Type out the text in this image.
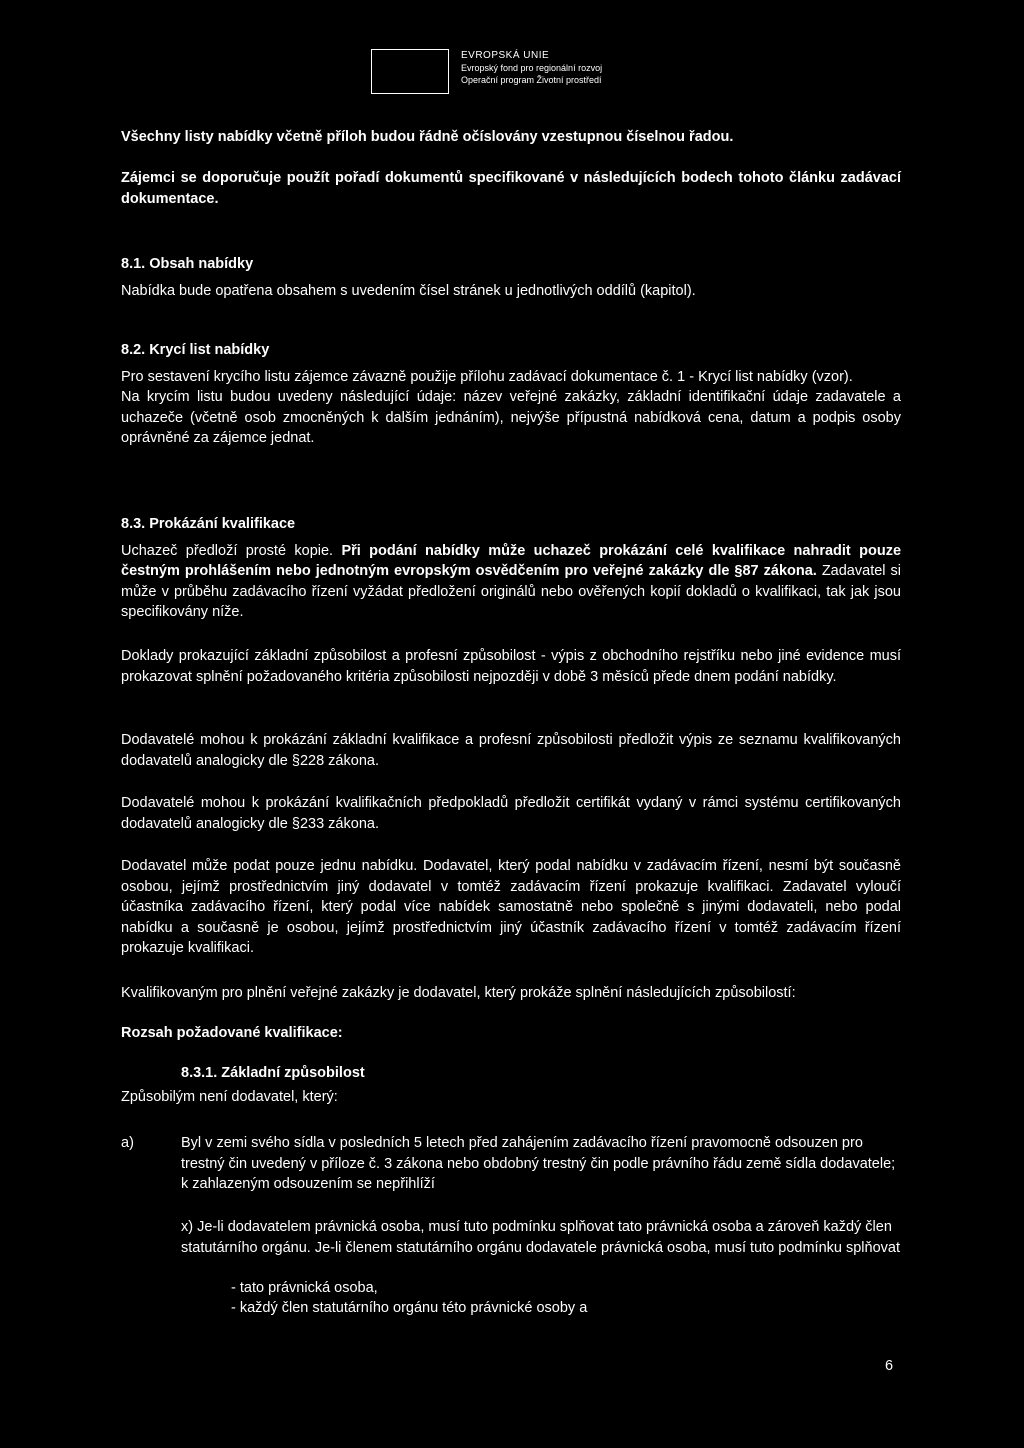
EVROPSKÁ UNIE
Evropský fond pro regionální rozvoj
Operační program Životní prostředí

Všechny listy nabídky včetně příloh budou řádně očíslovány vzestupnou číselnou řadou.

Zájemci se doporučuje použít pořadí dokumentů specifikované v následujících bodech tohoto článku zadávací dokumentace.

8.1. Obsah nabídky

Nabídka bude opatřena obsahem s uvedením čísel stránek u jednotlivých oddílů (kapitol).

8.2. Krycí list nabídky

Pro sestavení krycího listu zájemce závazně použije přílohu zadávací dokumentace č. 1 - Krycí list nabídky (vzor).

Na krycím listu budou uvedeny následující údaje: název veřejné zakázky, základní identifikační údaje zadavatele a uchazeče (včetně osob zmocněných k dalším jednáním), nejvýše přípustná nabídková cena, datum a podpis osoby oprávněné za zájemce jednat.

8.3. Prokázání kvalifikace

Uchazeč předloží prosté kopie. Při podání nabídky může uchazeč prokázání celé kvalifikace nahradit pouze čestným prohlášením nebo jednotným evropským osvědčením pro veřejné zakázky dle §87 zákona. Zadavatel si může v průběhu zadávacího řízení vyžádat předložení originálů nebo ověřených kopií dokladů o kvalifikaci, tak jak jsou specifikovány níže.

Doklady prokazující základní způsobilost a profesní způsobilost - výpis z obchodního rejstříku nebo jiné evidence musí prokazovat splnění požadovaného kritéria způsobilosti nejpozději v době 3 měsíců přede dnem podání nabídky.

Dodavatelé mohou k prokázání základní kvalifikace a profesní způsobilosti předložit výpis ze seznamu kvalifikovaných dodavatelů analogicky dle §228 zákona.

Dodavatelé mohou k prokázání kvalifikačních předpokladů předložit certifikát vydaný v rámci systému certifikovaných dodavatelů analogicky dle §233 zákona.

Dodavatel může podat pouze jednu nabídku. Dodavatel, který podal nabídku v zadávacím řízení, nesmí být současně osobou, jejímž prostřednictvím jiný dodavatel v tomtéž zadávacím řízení prokazuje kvalifikaci. Zadavatel vyloučí účastníka zadávacího řízení, který podal více nabídek samostatně nebo společně s jinými dodavateli, nebo podal nabídku a současně je osobou, jejímž prostřednictvím jiný účastník zadávacího řízení v tomtéž zadávacím řízení prokazuje kvalifikaci.

Kvalifikovaným pro plnění veřejné zakázky je dodavatel, který prokáže splnění následujících způsobilostí:

Rozsah požadované kvalifikace:

8.3.1. Základní způsobilost

Způsobilým není dodavatel, který:

a)	Byl v zemi svého sídla v posledních 5 letech před zahájením zadávacího řízení pravomocně odsouzen pro trestný čin uvedený v příloze č. 3 zákona nebo obdobný trestný čin podle právního řádu země sídla dodavatele; k zahlazeným odsouzením se nepřihlíží
x) Je-li dodavatelem právnická osoba, musí tuto podmínku splňovat tato právnická osoba a zároveň každý člen statutárního orgánu. Je-li členem statutárního orgánu dodavatele právnická osoba, musí tuto podmínku splňovat
- tato právnická osoba,
- každý člen statutárního orgánu této právnické osoby a
6
